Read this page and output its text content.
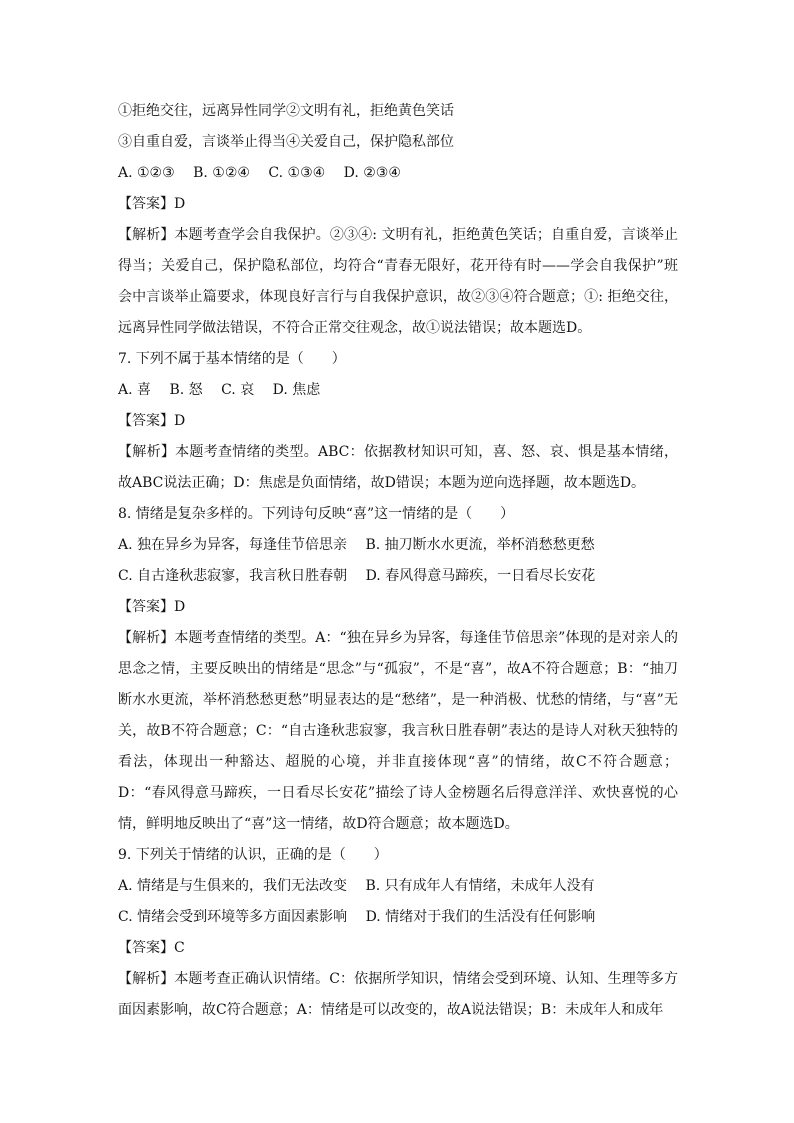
①拒绝交往，远离异性同学②文明有礼，拒绝黄色笑话
③自重自爱，言谈举止得当④关爱自己，保护隐私部位
A. ①②③　 B. ①②④　 C. ①③④　 D. ②③④
【答案】D
【解析】本题考查学会自我保护。②③④: 文明有礼，拒绝黄色笑话；自重自爱，言谈举止得当；关爱自己，保护隐私部位，均符合“青春无限好，花开待有时——学会自我保护”班会中言谈举止篇要求，体现良好言行与自我保护意识，故②③④符合题意；①: 拒绝交往，远离异性同学做法错误，不符合正常交往观念，故①说法错误；故本题选D。
7. 下列不属于基本情绪的是（　　）
A. 喜　 B. 怒　 C. 哀　 D. 焦虑
【答案】D
【解析】本题考查情绪的类型。ABC：依据教材知识可知，喜、怒、哀、惧是基本情绪，故ABC说法正确；D：焦虑是负面情绪，故D错误；本题为逆向选择题，故本题选D。
8. 情绪是复杂多样的。下列诗句反映“喜”这一情绪的是（　　）
A. 独在异乡为异客，每逢佳节倍思亲　 B. 抽刀断水水更流，举杯消愁愁更愁
C. 自古逢秋悲寂寥，我言秋日胜春朝　 D. 春风得意马蹄疾，一日看尽长安花
【答案】D
【解析】本题考查情绪的类型。A：“独在异乡为异客，每逢佳节倍思亲”体现的是对亲人的思念之情，主要反映出的情绪是“思念”与“孤寂”，不是“喜”，故A不符合题意；B：“抽刀断水水更流，举杯消愁愁更愁”明显表达的是“愁绪”，是一种消极、忧愁的情绪，与“喜”无关，故B不符合题意；C：“自古逢秋悲寂寥，我言秋日胜春朝”表达的是诗人对秋天独特的看法，体现出一种豁达、超脱的心境，并非直接体现“喜”的情绪，故C不符合题意；D：“春风得意马蹄疾，一日看尽长安花”描绘了诗人金榜题名后得意洋洋、欢快喜悦的心情，鲜明地反映出了“喜”这一情绪，故D符合题意；故本题选D。
9. 下列关于情绪的认识，正确的是（　　）
A. 情绪是与生俱来的，我们无法改变　 B. 只有成年人有情绪，未成年人没有
C. 情绪会受到环境等多方面因素影响　 D. 情绪对于我们的生活没有任何影响
【答案】C
【解析】本题考查正确认识情绪。C：依据所学知识，情绪会受到环境、认知、生理等多方面因素影响，故C符合题意；A：情绪是可以改变的，故A说法错误；B：未成年人和成年
